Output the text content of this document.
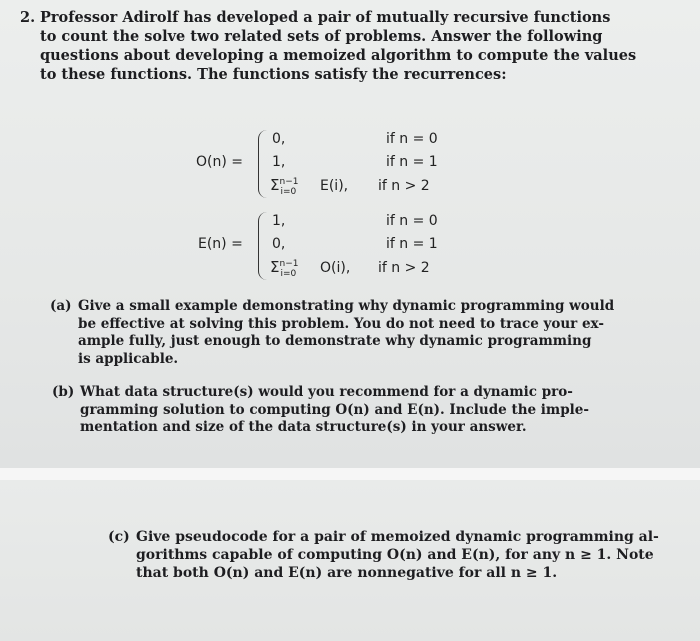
2. Professor Adirolf has developed a pair of mutually recursive functions
to count the solve two related sets of problems. Answer the following
questions about developing a memoized algorithm to compute the values
to these functions. The functions satisfy the recurrences:
O(n) =
0,
1,
$\Sigma^{n-1}_{i=0}$ E(i),
if n = 0
if n = 1
if n > 2
E(n) =
1,
0,
$\Sigma^{n-1}_{i=0}$ O(i),
if n = 0
if n = 1
if n > 2
(a) Give a small example demonstrating why dynamic programming would
be effective at solving this problem. You do not need to trace your ex-
ample fully, just enough to demonstrate why dynamic programming
is applicable.
(b) What data structure(s) would you recommend for a dynamic pro-
gramming solution to computing O(n) and E(n). Include the imple-
mentation and size of the data structure(s) in your answer.
(c) Give pseudocode for a pair of memoized dynamic programming al-
gorithms capable of computing O(n) and E(n), for any n ≥ 1. Note
that both O(n) and E(n) are nonnegative for all n ≥ 1.
